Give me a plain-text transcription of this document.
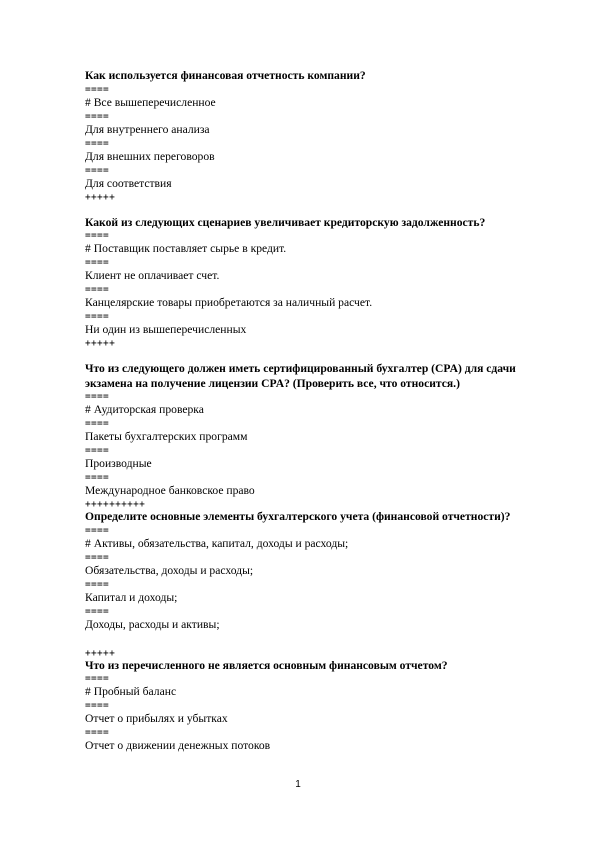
Как используется финансовая отчетность компании?

====

# Все вышеперечисленное

====

Для внутреннего анализа

====

Для внешних переговоров

====

Для соответствия

+++++

Какой из следующих сценариев увеличивает кредиторскую задолженность?

====

# Поставщик поставляет сырье в кредит.

====

Клиент не оплачивает счет.

====

Канцелярские товары приобретаются за наличный расчет.

====

Ни один из вышеперечисленных

+++++

Что из следующего должен иметь сертифицированный бухгалтер (CPA) для сдачи экзамена на получение лицензии CPA? (Проверить все, что относится.)

====

# Аудиторская проверка

====

Пакеты бухгалтерских программ

====

Производные

====

Международное банковское право

++++++++++

Определите основные элементы бухгалтерского учета (финансовой отчетности)?

====

# Активы, обязательства, капитал, доходы и расходы;

====

Обязательства, доходы и расходы;

====

Капитал и доходы;

====

Доходы, расходы и активы;

+++++

Что из перечисленного не является основным финансовым отчетом?

====

# Пробный баланс

====

Отчет о прибылях и убытках

====

Отчет о движении денежных потоков

1
